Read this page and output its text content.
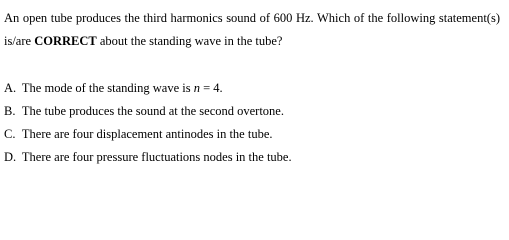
An open tube produces the third harmonics sound of 600 Hz. Which of the following statement(s) is/are CORRECT about the standing wave in the tube?
A. The mode of the standing wave is n = 4.
B. The tube produces the sound at the second overtone.
C. There are four displacement antinodes in the tube.
D. There are four pressure fluctuations nodes in the tube.
